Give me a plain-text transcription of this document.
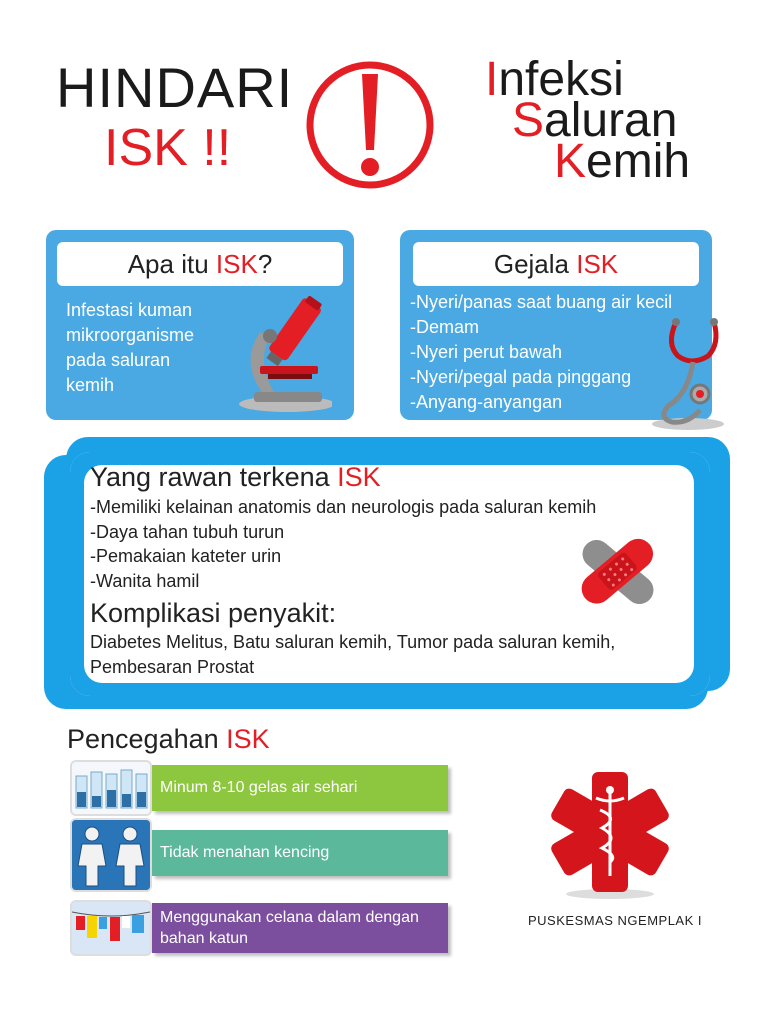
HINDARI
ISK !!
Infeksi
Saluran
Kemih
Apa itu
ISK ?
Infestasi kuman
mikroorganisme
pada saluran
kemih
Gejala
ISK
-Nyeri/panas saat buang air kecil
-Demam
-Nyeri perut bawah
-Nyeri/pegal pada pinggang
-Anyang-anyangan
Yang rawan terkena ISK
-Memiliki kelainan anatomis dan neurologis pada saluran kemih
-Daya tahan tubuh turun
-Pemakaian kateter urin
-Wanita hamil
Komplikasi penyakit:
Diabetes Melitus, Batu saluran kemih, Tumor pada saluran kemih,
Pembesaran Prostat
Pencegahan ISK
Minum 8-10 gelas air sehari
Tidak menahan kencing
Menggunakan celana dalam dengan
bahan katun
PUSKESMAS NGEMPLAK I
